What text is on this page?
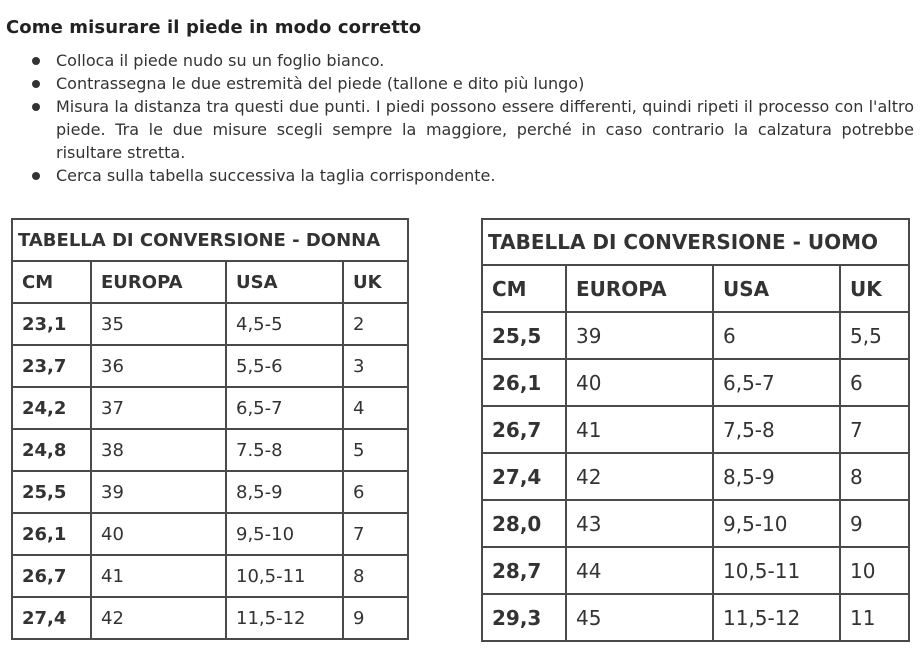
Come misurare il piede in modo corretto
Colloca il piede nudo su un foglio bianco.
Contrassegna le due estremità del piede (tallone e dito più lungo)
Misura la distanza tra questi due punti. I piedi possono essere differenti, quindi ripeti il processo con l'altro piede. Tra le due misure scegli sempre la maggiore, perché in caso contrario la calzatura potrebbe risultare stretta.
Cerca sulla tabella successiva la taglia corrispondente.
TABELLA DI CONVERSIONE - DONNA			
CM	EUROPA	USA	UK
23,1	35	4,5-5	2
23,7	36	5,5-6	3
24,2	37	6,5-7	4
24,8	38	7.5-8	5
25,5	39	8,5-9	6
26,1	40	9,5-10	7
26,7	41	10,5-11	8
27,4	42	11,5-12	9
TABELLA DI CONVERSIONE - UOMO			
CM	EUROPA	USA	UK
25,5	39	6	5,5
26,1	40	6,5-7	6
26,7	41	7,5-8	7
27,4	42	8,5-9	8
28,0	43	9,5-10	9
28,7	44	10,5-11	10
29,3	45	11,5-12	11
